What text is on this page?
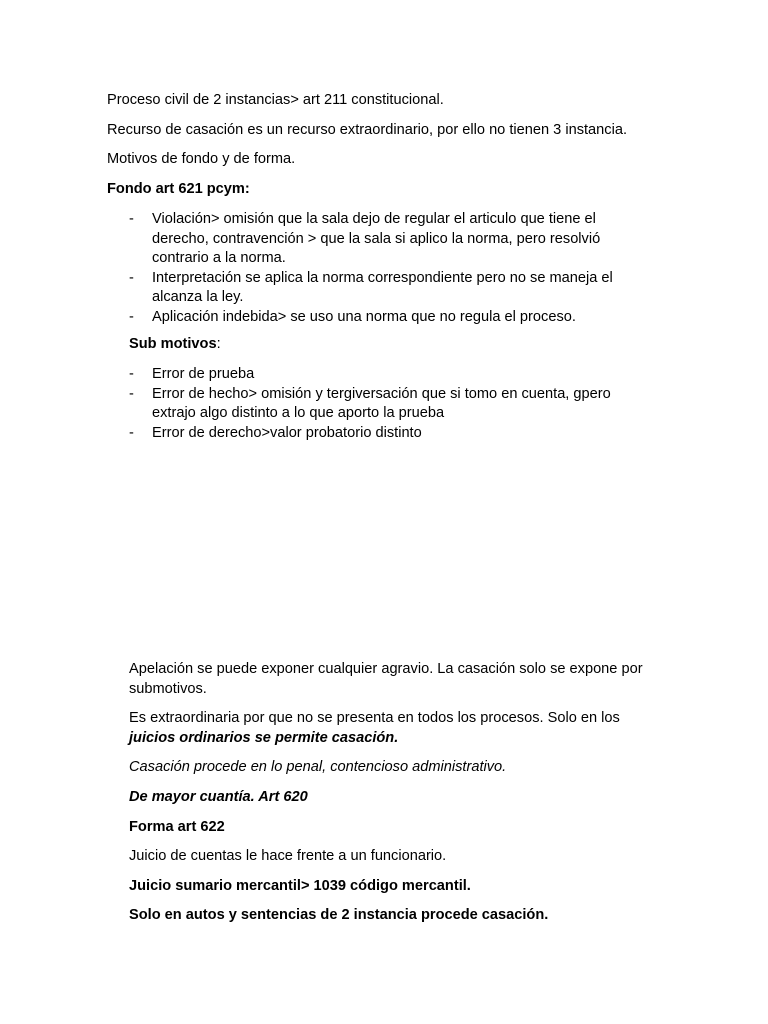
Proceso civil de 2 instancias> art 211 constitucional.

Recurso de casación es un recurso extraordinario, por ello no tienen 3 instancia.

Motivos de fondo y de forma.

Fondo art 621 pcym:

- Violación> omisión que la sala dejo de regular el articulo que tiene el derecho, contravención > que la sala si aplico la norma, pero resolvió contrario a la norma.
- Interpretación se aplica la norma correspondiente pero no se maneja el alcanza la ley.
- Aplicación indebida> se uso una norma que no regula el proceso.

Sub motivos:

- Error de prueba
- Error de hecho> omisión y tergiversación que si tomo en cuenta, gpero extrajo algo distinto a lo que aporto la prueba
- Error de derecho>valor probatorio distinto

Apelación se puede exponer cualquier agravio. La casación solo se expone por submotivos.

Es extraordinaria por que no se presenta en todos los procesos. Solo en los juicios ordinarios se permite casación.

Casación procede en lo penal, contencioso administrativo.

De mayor cuantía. Art 620

Forma art 622

Juicio de cuentas le hace frente a un funcionario.

Juicio sumario mercantil> 1039 código mercantil.

Solo en autos y sentencias de 2 instancia procede casación.
